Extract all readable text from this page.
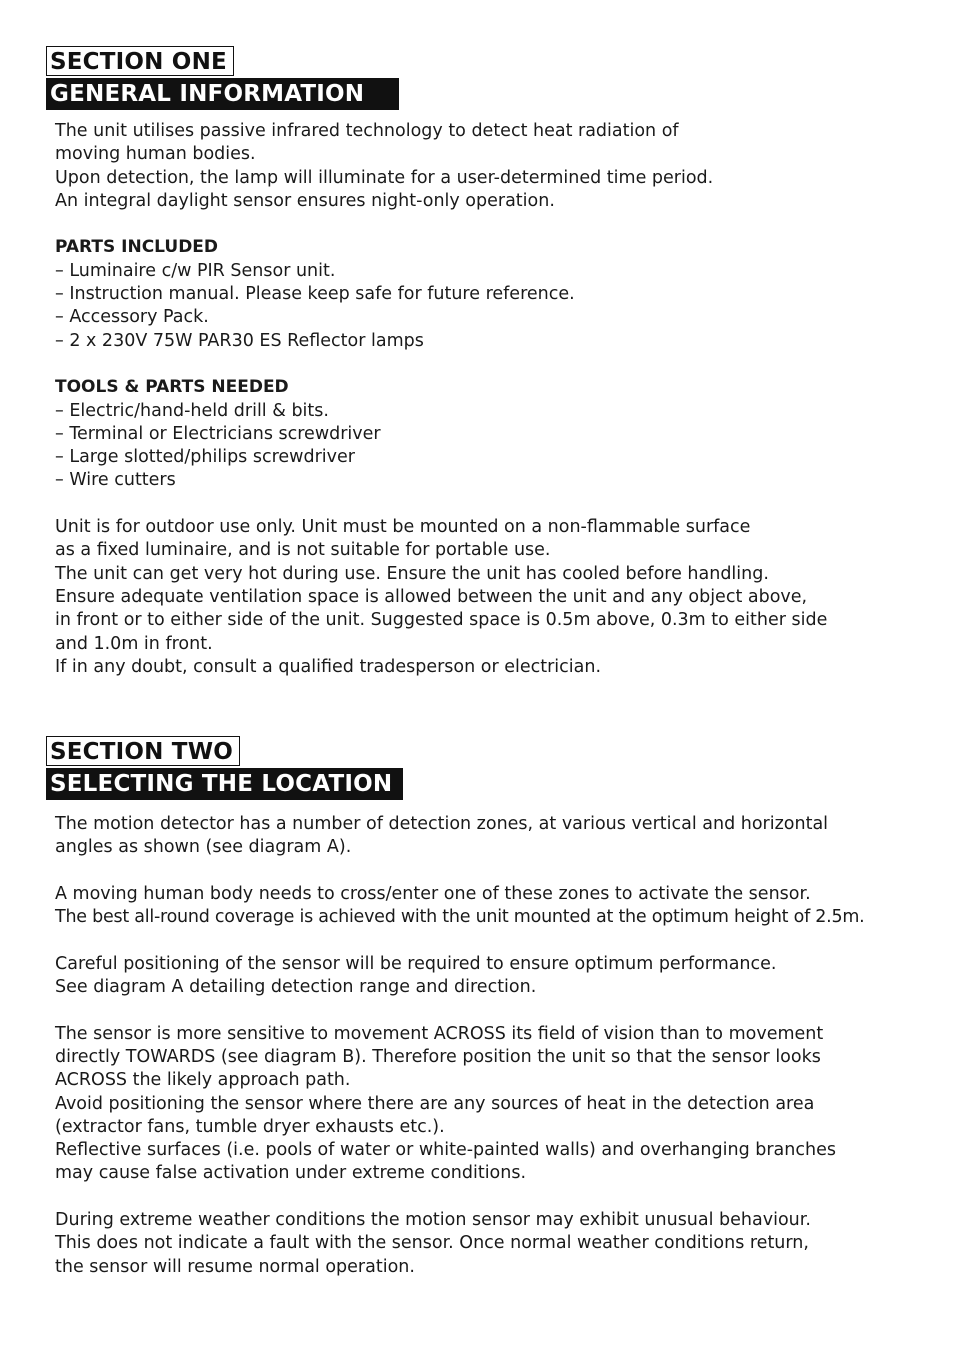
SECTION ONE
GENERAL INFORMATION

The unit utilises passive infrared technology to detect heat radiation of

moving human bodies.

Upon detection, the lamp will illuminate for a user-determined time period.

An integral daylight sensor ensures night-only operation.

PARTS INCLUDED

– Luminaire c/w PIR Sensor unit.

– Instruction manual. Please keep safe for future reference.

– Accessory Pack.

– 2 x 230V 75W PAR30 ES Reflector lamps

TOOLS & PARTS NEEDED

– Electric/hand-held drill & bits.

– Terminal or Electricians screwdriver

– Large slotted/philips screwdriver

– Wire cutters

Unit is for outdoor use only. Unit must be mounted on a non-flammable surface

as a fixed luminaire, and is not suitable for portable use.

The unit can get very hot during use. Ensure the unit has cooled before handling.

Ensure adequate ventilation space is allowed between the unit and any object above,

in front or to either side of the unit. Suggested space is 0.5m above, 0.3m to either side

and 1.0m in front.

If in any doubt, consult a qualified tradesperson or electrician.

SECTION TWO
SELECTING THE LOCATION

The motion detector has a number of detection zones, at various vertical and horizontal

angles as shown (see diagram A).

A moving human body needs to cross/enter one of these zones to activate the sensor.

The best all-round coverage is achieved with the unit mounted at the optimum height of 2.5m.

Careful positioning of the sensor will be required to ensure optimum performance.

See diagram A detailing detection range and direction.

The sensor is more sensitive to movement ACROSS its field of vision than to movement

directly TOWARDS (see diagram B). Therefore position the unit so that the sensor looks

ACROSS the likely approach path.

Avoid positioning the sensor where there are any sources of heat in the detection area

(extractor fans, tumble dryer exhausts etc.).

Reflective surfaces (i.e. pools of water or white-painted walls) and overhanging branches

may cause false activation under extreme conditions.

During extreme weather conditions the motion sensor may exhibit unusual behaviour.

This does not indicate a fault with the sensor. Once normal weather conditions return,

the sensor will resume normal operation.
